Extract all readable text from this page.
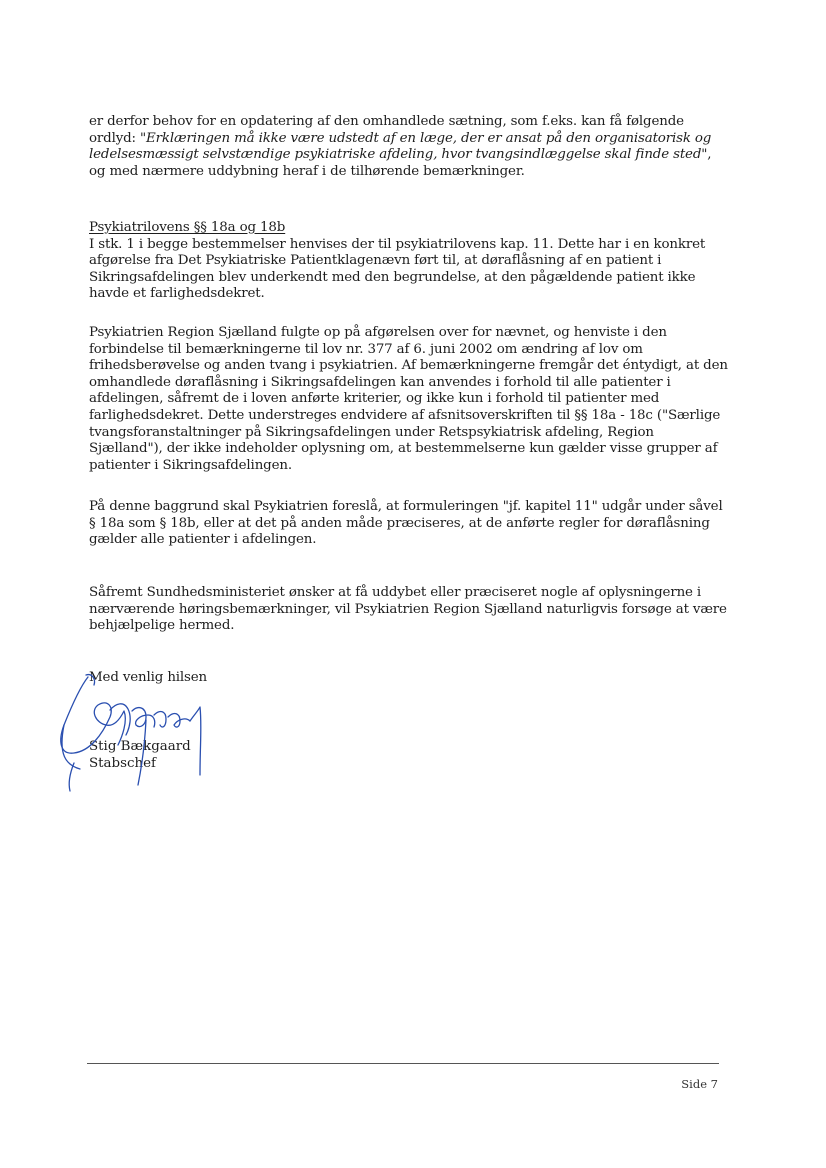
er derfor behov for en opdatering af den omhandlede sætning, som f.eks. kan få følgende ordlyd: "Erklæringen må ikke være udstedt af en læge, der er ansat på den organisatorisk og ledelsesmæssigt selvstændige psykiatriske afdeling, hvor tvangsindlæggelse skal finde sted", og med nærmere uddybning heraf i de tilhørende bemærkninger.

Psykiatrilovens §§ 18a og 18b

I stk. 1 i begge bestemmelser henvises der til psykiatrilovens kap. 11. Dette har i en konkret afgørelse fra Det Psykiatriske Patientklagenævn ført til, at døraflåsning af en patient i Sikringsafdelingen blev underkendt med den begrundelse, at den pågældende patient ikke havde et farlighedsdekret.

Psykiatrien Region Sjælland fulgte op på afgørelsen over for nævnet, og henviste i den forbindelse til bemærkningerne til lov nr. 377 af 6. juni 2002 om ændring af lov om frihedsberøvelse og anden tvang i psykiatrien. Af bemærkningerne fremgår det éntydigt, at den omhandlede døraflåsning i Sikringsafdelingen kan anvendes i forhold til alle patienter i afdelingen, såfremt de i loven anførte kriterier, og ikke kun i forhold til patienter med farlighedsdekret. Dette understreges endvidere af afsnitsoverskriften til §§ 18a - 18c ("Særlige tvangsforanstaltninger på Sikringsafdelingen under Retspsykiatrisk afdeling, Region Sjælland"), der ikke indeholder oplysning om, at bestemmelserne kun gælder visse grupper af patienter i Sikringsafdelingen.

På denne baggrund skal Psykiatrien foreslå, at formuleringen "jf. kapitel 11" udgår under såvel § 18a som § 18b, eller at det på anden måde præciseres, at de anførte regler for døraflåsning gælder alle patienter i afdelingen.

Såfremt Sundhedsministeriet ønsker at få uddybet eller præciseret nogle af oplysningerne i nærværende høringsbemærkninger, vil Psykiatrien Region Sjælland naturligvis forsøge at være behjælpelige hermed.

Med venlig hilsen

Stig Bækgaard
Stabschef
Side 7
